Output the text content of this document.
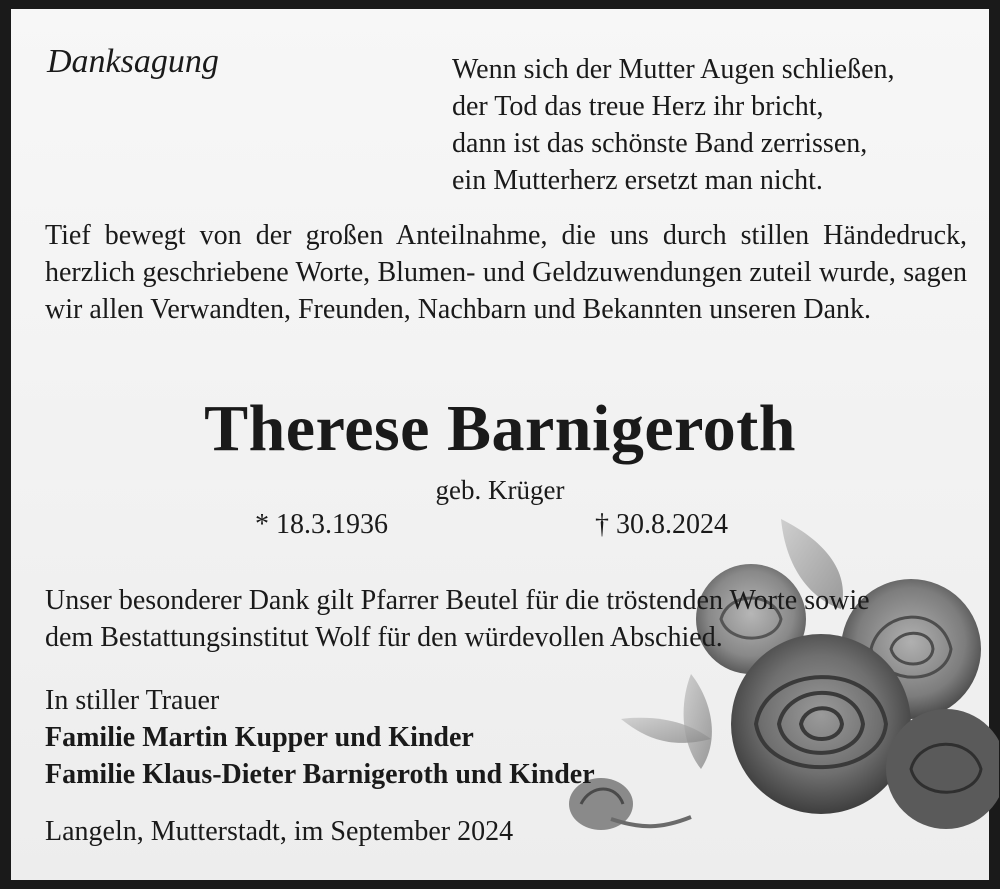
Danksagung	Wenn sich der Mutter Augen schließen,
der Tod das treue Herz ihr bricht,
dann ist das schönste Band zerrissen,
ein Mutterherz ersetzt man nicht.
Tief bewegt von der großen Anteilnahme, die uns durch stillen Händedruck, herzlich geschriebene Worte, Blumen- und Geldzuwendungen zuteil wurde, sagen wir allen Verwandten, Freunden, Nachbarn und Bekannten unseren Dank.
Therese Barnigeroth
geb. Krüger
* 18.3.1936	† 30.8.2024
Unser besonderer Dank gilt Pfarrer Beutel für die tröstenden Worte sowie
dem Bestattungsinstitut Wolf für den würdevollen Abschied.
In stiller Trauer
Familie Martin Kupper und Kinder
Familie Klaus-Dieter Barnigeroth und Kinder
Langeln, Mutterstadt, im September 2024
